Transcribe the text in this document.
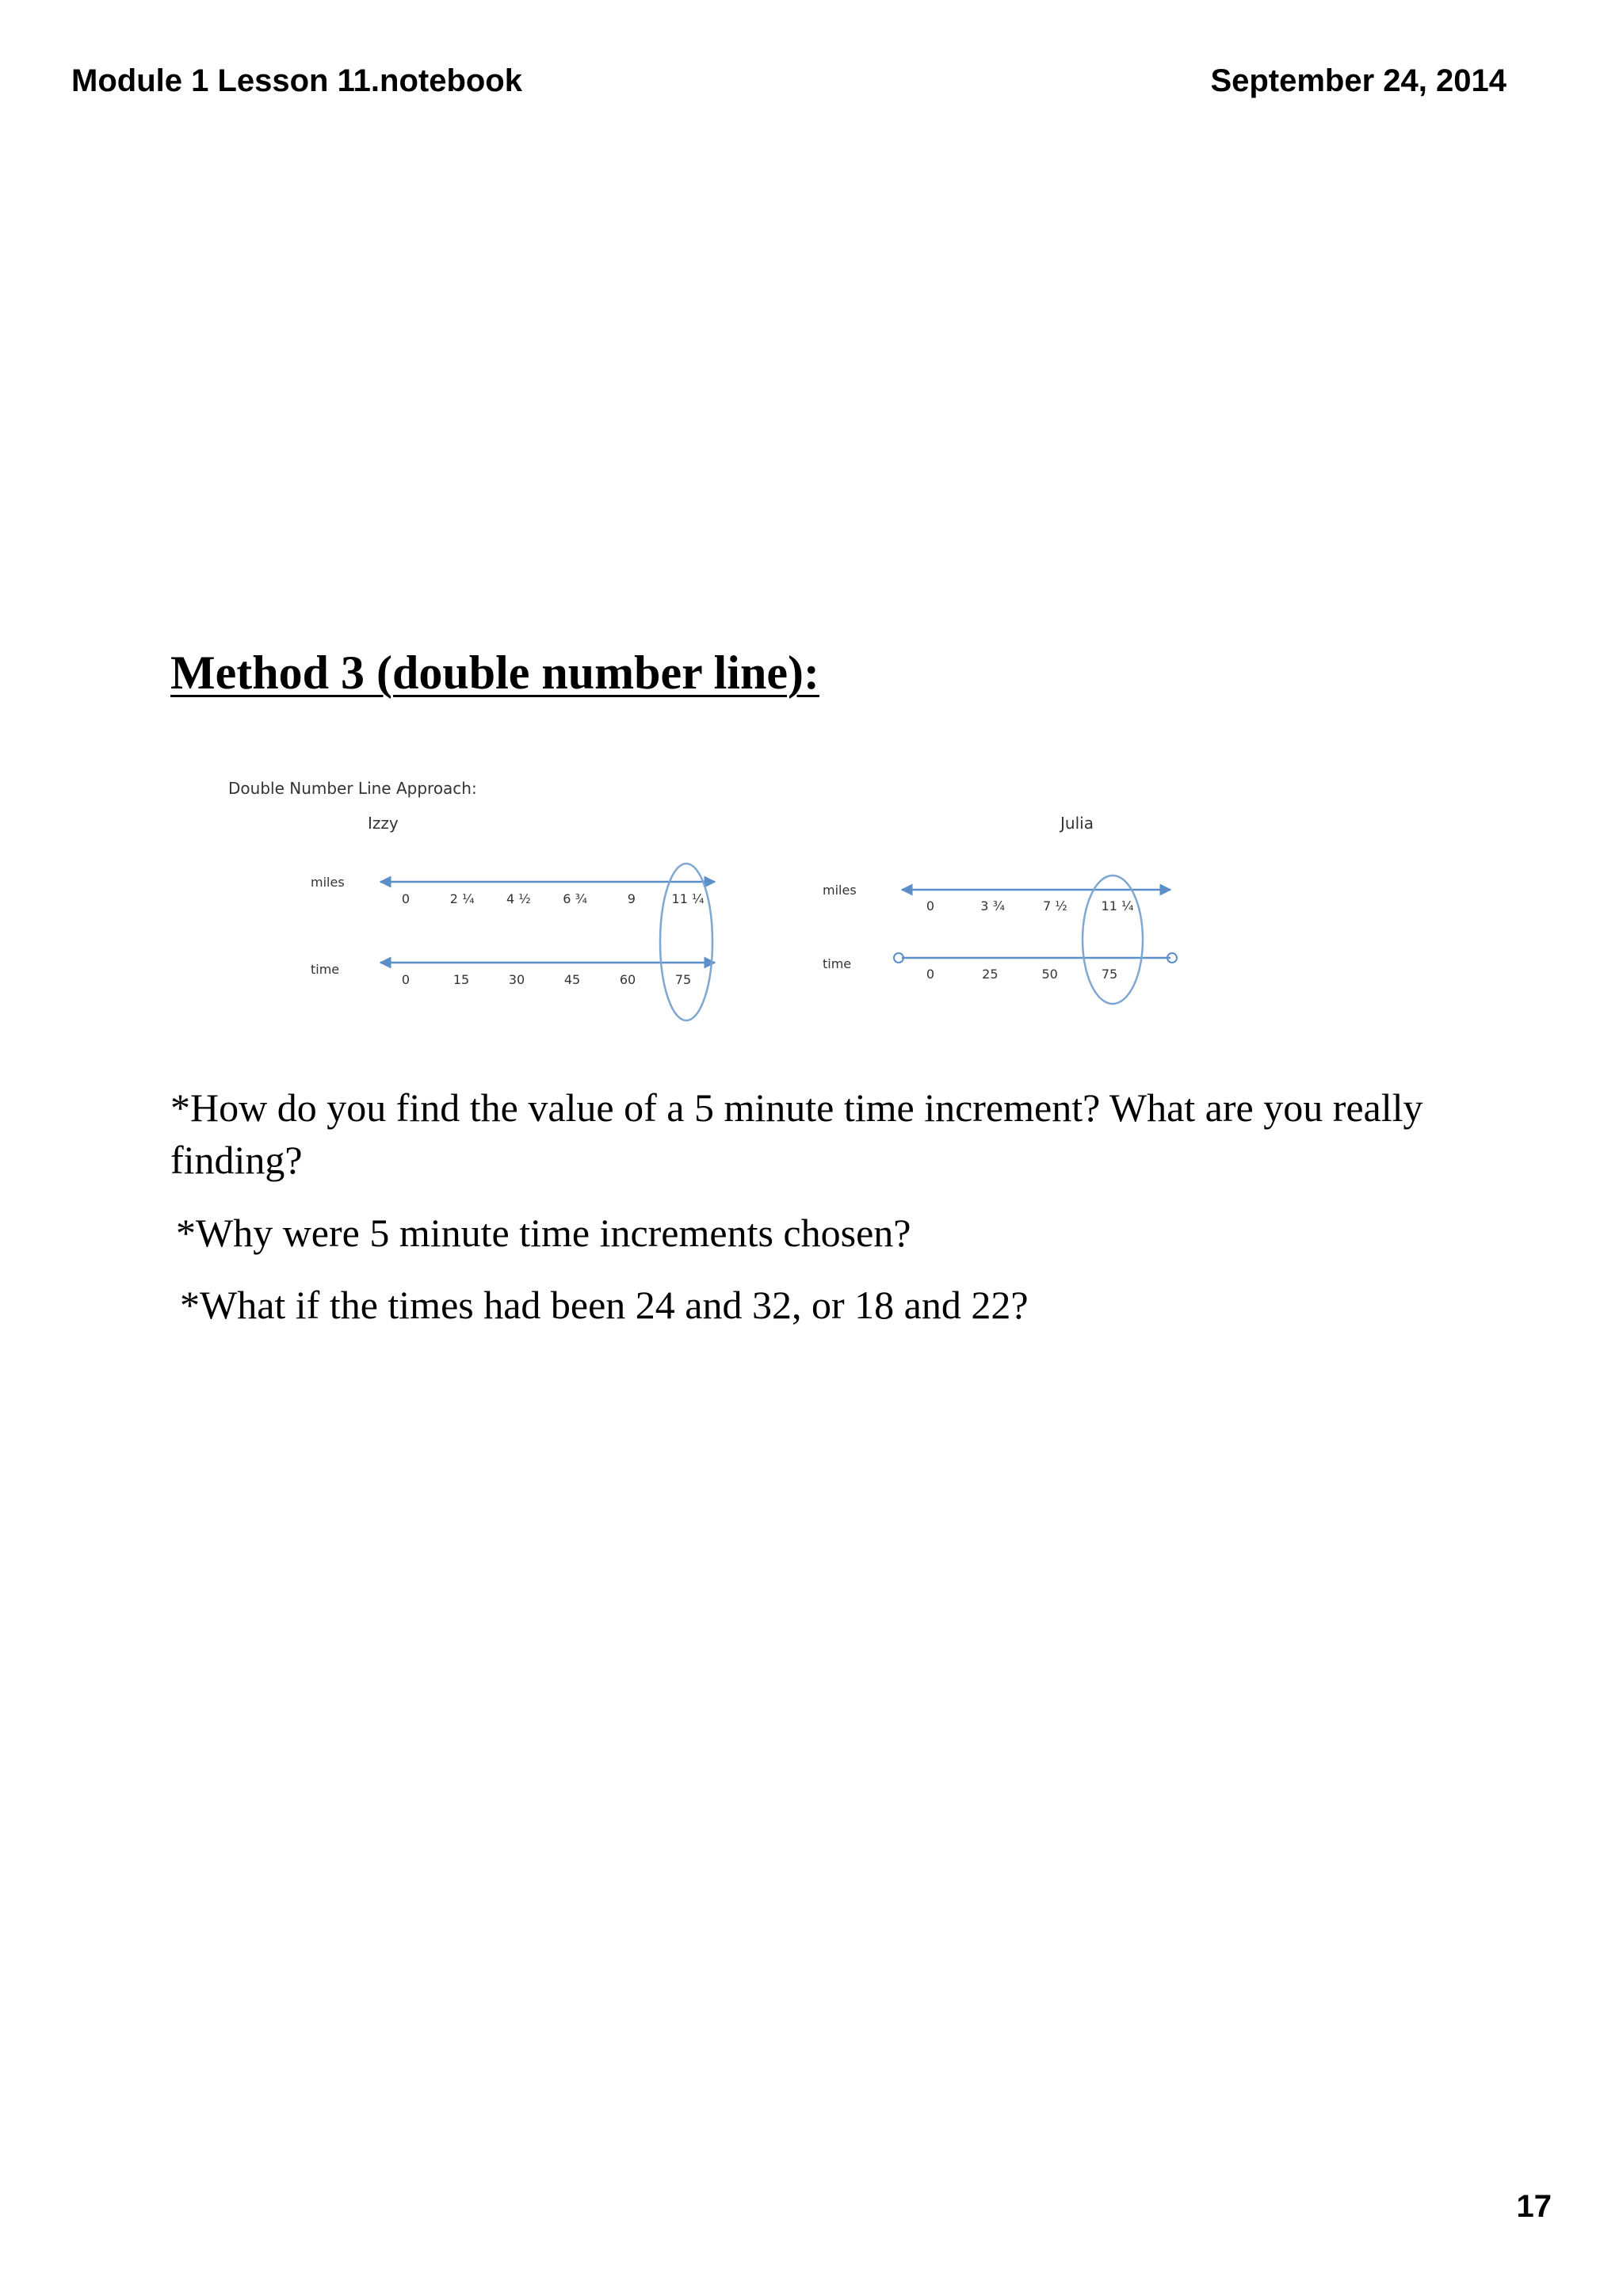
Module 1 Lesson 11.notebook	September 24, 2014
Method 3 (double number line):
Double Number Line Approach:
Izzy
miles
time
0	2 ¼	4 ½	6 ¾	9	11 ¼
0	15	30	45	60	75
Julia
miles
time
0	3 ¾	7 ½	11 ¼
0	25	50	75
*How do you find the value of a 5 minute time increment? What are you really finding?
*Why were 5 minute time increments chosen?
*What if the times had been 24 and 32, or 18 and 22?
17
